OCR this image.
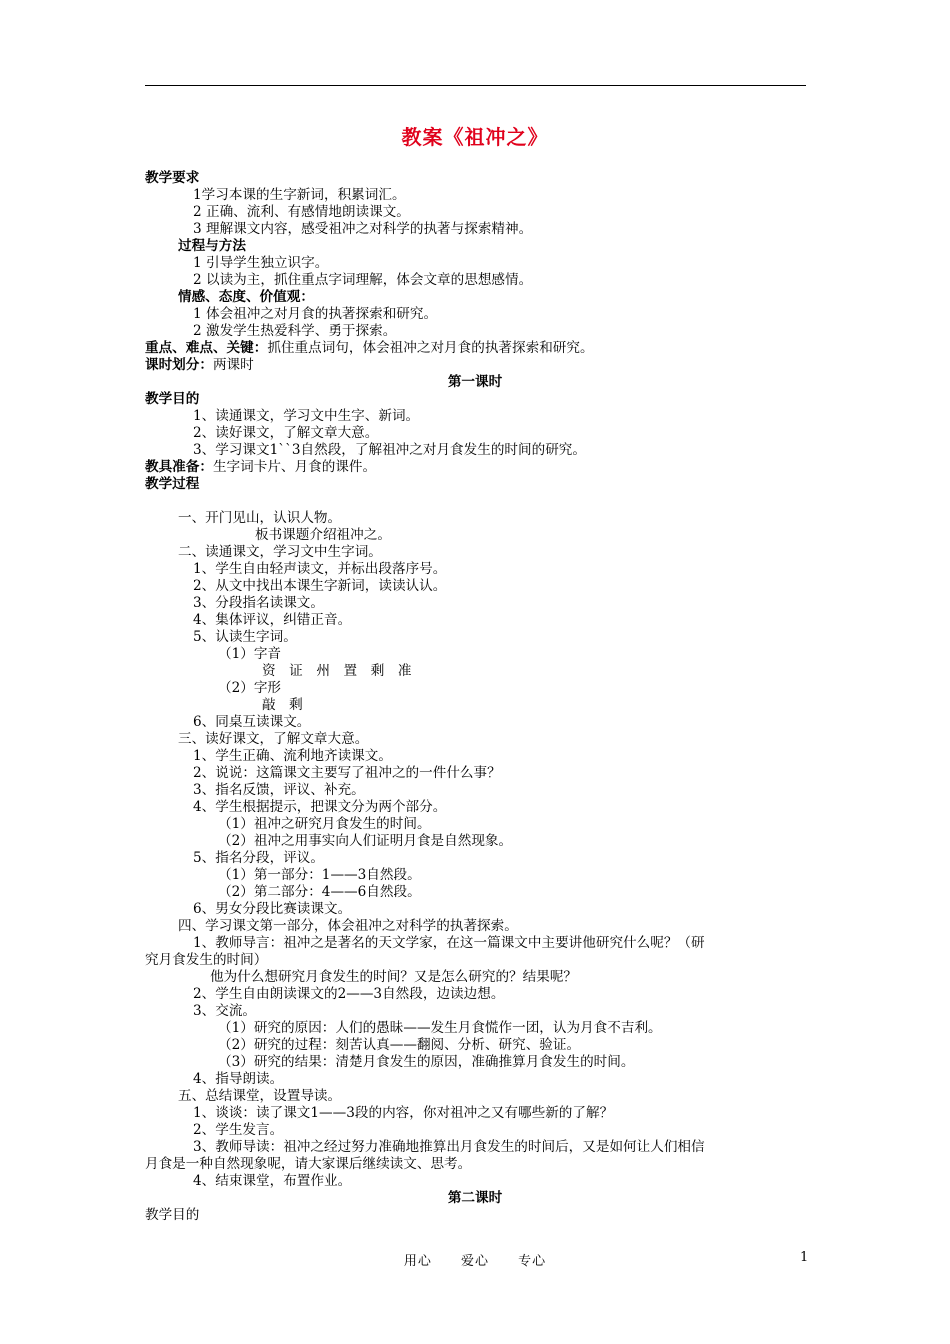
教案《祖冲之》
教学要求
1学习本课的生字新词，积累词汇。
2 正确、流利、有感情地朗读课文。
3 理解课文内容，感受祖冲之对科学的执著与探索精神。
过程与方法
1 引导学生独立识字。
2 以读为主，抓住重点字词理解，体会文章的思想感情。
情感、态度、价值观：
1 体会祖冲之对月食的执著探索和研究。
2 激发学生热爱科学、勇于探索。
重点、难点、关键：抓住重点词句，体会祖冲之对月食的执著探索和研究。
课时划分：两课时
第一课时
教学目的
1、读通课文，学习文中生字、新词。
2、读好课文，了解文章大意。
3、学习课文1``3自然段，了解祖冲之对月食发生的时间的研究。
教具准备：生字词卡片、月食的课件。
教学过程
一、开门见山，认识人物。
板书课题介绍祖冲之。
二、读通课文，学习文中生字词。
1、学生自由轻声读文，并标出段落序号。
2、从文中找出本课生字新词，读读认认。
3、分段指名读课文。
4、集体评议，纠错正音。
5、认读生字词。
（1）字音
资　证　州　置　剩　准
（2）字形
敲　剩
6、同桌互读课文。
三、读好课文，了解文章大意。
1、学生正确、流利地齐读课文。
2、说说：这篇课文主要写了祖冲之的一件什么事？
3、指名反馈，评议、补充。
4、学生根据提示，把课文分为两个部分。
（1）祖冲之研究月食发生的时间。
（2）祖冲之用事实向人们证明月食是自然现象。
5、指名分段，评议。
（1）第一部分：1——3自然段。
（2）第二部分：4——6自然段。
6、男女分段比赛读课文。
四、学习课文第一部分，体会祖冲之对科学的执著探索。
1、教师导言：祖冲之是著名的天文学家，在这一篇课文中主要讲他研究什么呢？（研
究月食发生的时间）
他为什么想研究月食发生的时间？又是怎么研究的？结果呢？
2、学生自由朗读课文的2——3自然段，边读边想。
3、交流。
（1）研究的原因：人们的愚昧——发生月食慌作一团，认为月食不吉利。
（2）研究的过程：刻苦认真——翻阅、分析、研究、验证。
（3）研究的结果：清楚月食发生的原因，准确推算月食发生的时间。
4、指导朗读。
五、总结课堂，设置导读。
1、谈谈：读了课文1——3段的内容，你对祖冲之又有哪些新的了解？
2、学生发言。
3、教师导读：祖冲之经过努力准确地推算出月食发生的时间后，又是如何让人们相信
月食是一种自然现象呢，请大家课后继续读文、思考。
4、结束课堂，布置作业。
第二课时
教学目的
用心 爱心 专心	1
